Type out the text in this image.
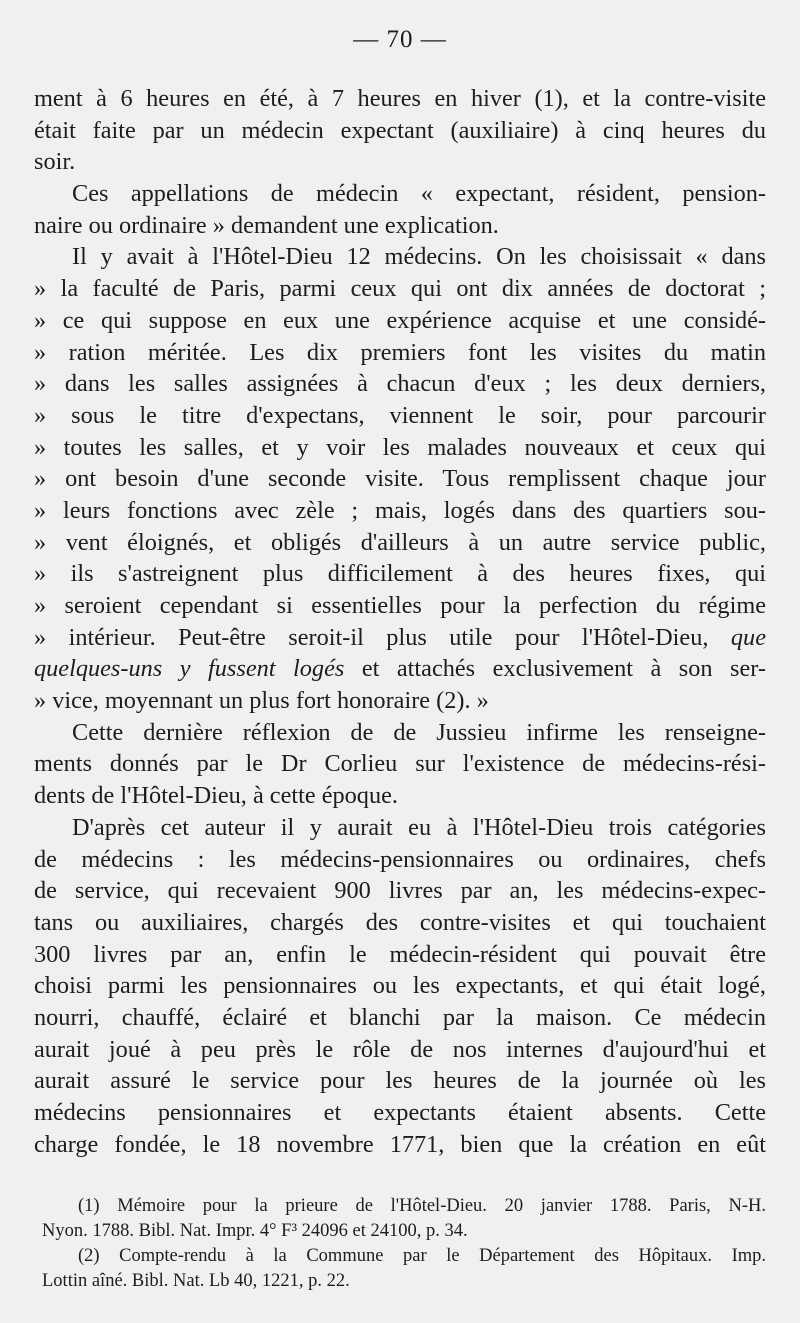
— 70 —
ment à 6 heures en été, à 7 heures en hiver (1), et la contre-visite
était faite par un médecin expectant (auxiliaire) à cinq heures du
soir.
Ces appellations de médecin « expectant, résident, pension-
naire ou ordinaire » demandent une explication.
Il y avait à l'Hôtel-Dieu 12 médecins. On les choisissait « dans
» la faculté de Paris, parmi ceux qui ont dix années de doctorat ;
» ce qui suppose en eux une expérience acquise et une considé-
» ration méritée. Les dix premiers font les visites du matin
» dans les salles assignées à chacun d'eux ; les deux derniers,
» sous le titre d'expectans, viennent le soir, pour parcourir
» toutes les salles, et y voir les malades nouveaux et ceux qui
» ont besoin d'une seconde visite. Tous remplissent chaque jour
» leurs fonctions avec zèle ; mais, logés dans des quartiers sou-
» vent éloignés, et obligés d'ailleurs à un autre service public,
» ils s'astreignent plus difficilement à des heures fixes, qui
» seroient cependant si essentielles pour la perfection du régime
» intérieur. Peut-être seroit-il plus utile pour l'Hôtel-Dieu, que
quelques-uns y fussent logés et attachés exclusivement à son ser-
» vice, moyennant un plus fort honoraire (2). »
Cette dernière réflexion de de Jussieu infirme les renseigne-
ments donnés par le Dr Corlieu sur l'existence de médecins-rési-
dents de l'Hôtel-Dieu, à cette époque.
D'après cet auteur il y aurait eu à l'Hôtel-Dieu trois catégories
de médecins : les médecins-pensionnaires ou ordinaires, chefs
de service, qui recevaient 900 livres par an, les médecins-expec-
tans ou auxiliaires, chargés des contre-visites et qui touchaient
300 livres par an, enfin le médecin-résident qui pouvait être
choisi parmi les pensionnaires ou les expectants, et qui était logé,
nourri, chauffé, éclairé et blanchi par la maison. Ce médecin
aurait joué à peu près le rôle de nos internes d'aujourd'hui et
aurait assuré le service pour les heures de la journée où les
médecins pensionnaires et expectants étaient absents. Cette
charge fondée, le 18 novembre 1771, bien que la création en eût
(1) Mémoire pour la prieure de l'Hôtel-Dieu. 20 janvier 1788. Paris, N-H.
Nyon. 1788. Bibl. Nat. Impr. 4° F³ 24096 et 24100, p. 34.
(2) Compte-rendu à la Commune par le Département des Hôpitaux. Imp.
Lottin aîné. Bibl. Nat. Lb 40, 1221, p. 22.
